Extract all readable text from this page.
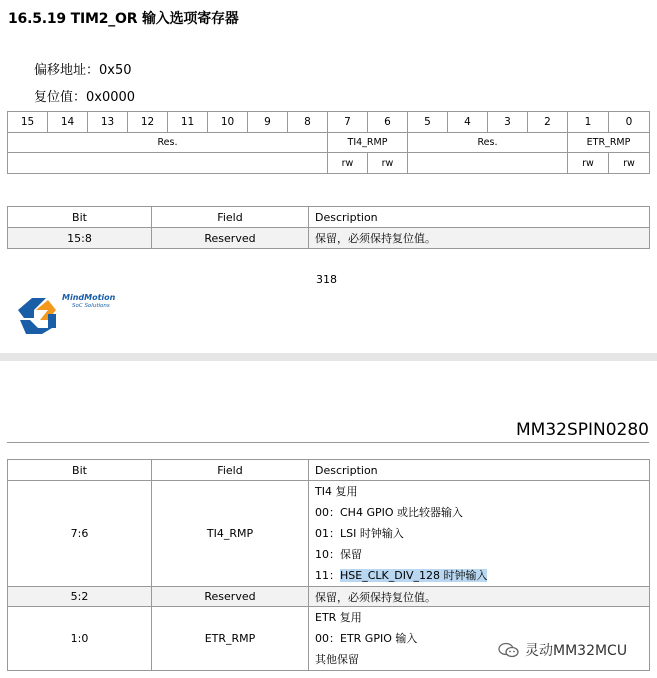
16.5.19 TIM2_OR 输入选项寄存器
偏移地址：0x50
复位值：0x0000
15	14	13	12	11	10	9	8	7	6	5	4	3	2	1	0
Res.								TI4_RMP		Res.				ETR_RMP	
								rw	rw					rw	rw
Bit	Field	Description
15:8	Reserved	保留，必须保持复位值。
318
MindMotion
SoC Solutions
MM32SPIN0280
Bit	Field	Description
7:6	TI4_RMP	TI4 复用
00：CH4 GPIO 或比较器输入
01：LSI 时钟输入
10：保留
11：HSE_CLK_DIV_128 时钟输入

5:2	Reserved	保留，必须保持复位值。
1:0	ETR_RMP	ETR 复用
00：ETR GPIO 输入
其他保留
灵动MM32MCU
